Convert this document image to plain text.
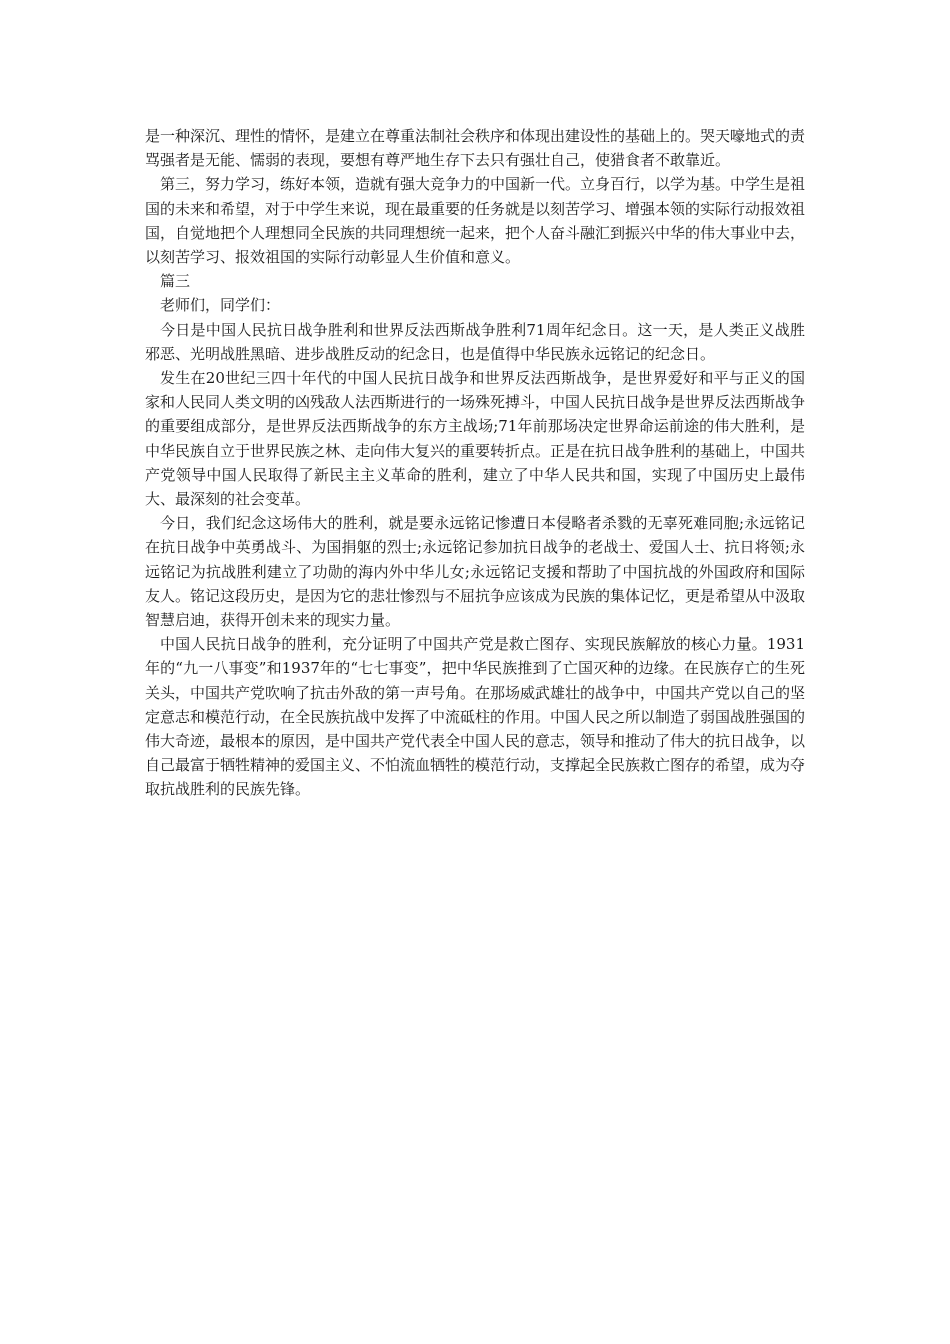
是一种深沉、理性的情怀，是建立在尊重法制社会秩序和体现出建设性的基础上的。哭天嚎地式的责骂强者是无能、懦弱的表现，要想有尊严地生存下去只有强壮自己，使猎食者不敢靠近。

第三，努力学习，练好本领，造就有强大竞争力的中国新一代。立身百行，以学为基。中学生是祖国的未来和希望，对于中学生来说，现在最重要的任务就是以刻苦学习、增强本领的实际行动报效祖国，自觉地把个人理想同全民族的共同理想统一起来，把个人奋斗融汇到振兴中华的伟大事业中去，以刻苦学习、报效祖国的实际行动彰显人生价值和意义。

篇三

老师们，同学们：

今日是中国人民抗日战争胜利和世界反法西斯战争胜利71周年纪念日。这一天，是人类正义战胜邪恶、光明战胜黑暗、进步战胜反动的纪念日，也是值得中华民族永远铭记的纪念日。

发生在20世纪三四十年代的中国人民抗日战争和世界反法西斯战争，是世界爱好和平与正义的国家和人民同人类文明的凶残敌人法西斯进行的一场殊死搏斗，中国人民抗日战争是世界反法西斯战争的重要组成部分，是世界反法西斯战争的东方主战场;71年前那场决定世界命运前途的伟大胜利，是中华民族自立于世界民族之林、走向伟大复兴的重要转折点。正是在抗日战争胜利的基础上，中国共产党领导中国人民取得了新民主主义革命的胜利，建立了中华人民共和国，实现了中国历史上最伟大、最深刻的社会变革。

今日，我们纪念这场伟大的胜利，就是要永远铭记惨遭日本侵略者杀戮的无辜死难同胞;永远铭记在抗日战争中英勇战斗、为国捐躯的烈士;永远铭记参加抗日战争的老战士、爱国人士、抗日将领;永远铭记为抗战胜利建立了功勋的海内外中华儿女;永远铭记支援和帮助了中国抗战的外国政府和国际友人。铭记这段历史，是因为它的悲壮惨烈与不屈抗争应该成为民族的集体记忆，更是希望从中汲取智慧启迪，获得开创未来的现实力量。

中国人民抗日战争的胜利，充分证明了中国共产党是救亡图存、实现民族解放的核心力量。1931年的“九一八事变”和1937年的“七七事变”，把中华民族推到了亡国灭种的边缘。在民族存亡的生死关头，中国共产党吹响了抗击外敌的第一声号角。在那场威武雄壮的战争中，中国共产党以自己的坚定意志和模范行动，在全民族抗战中发挥了中流砥柱的作用。中国人民之所以制造了弱国战胜强国的伟大奇迹，最根本的原因，是中国共产党代表全中国人民的意志，领导和推动了伟大的抗日战争，以自己最富于牺牲精神的爱国主义、不怕流血牺牲的模范行动，支撑起全民族救亡图存的希望，成为夺取抗战胜利的民族先锋。
